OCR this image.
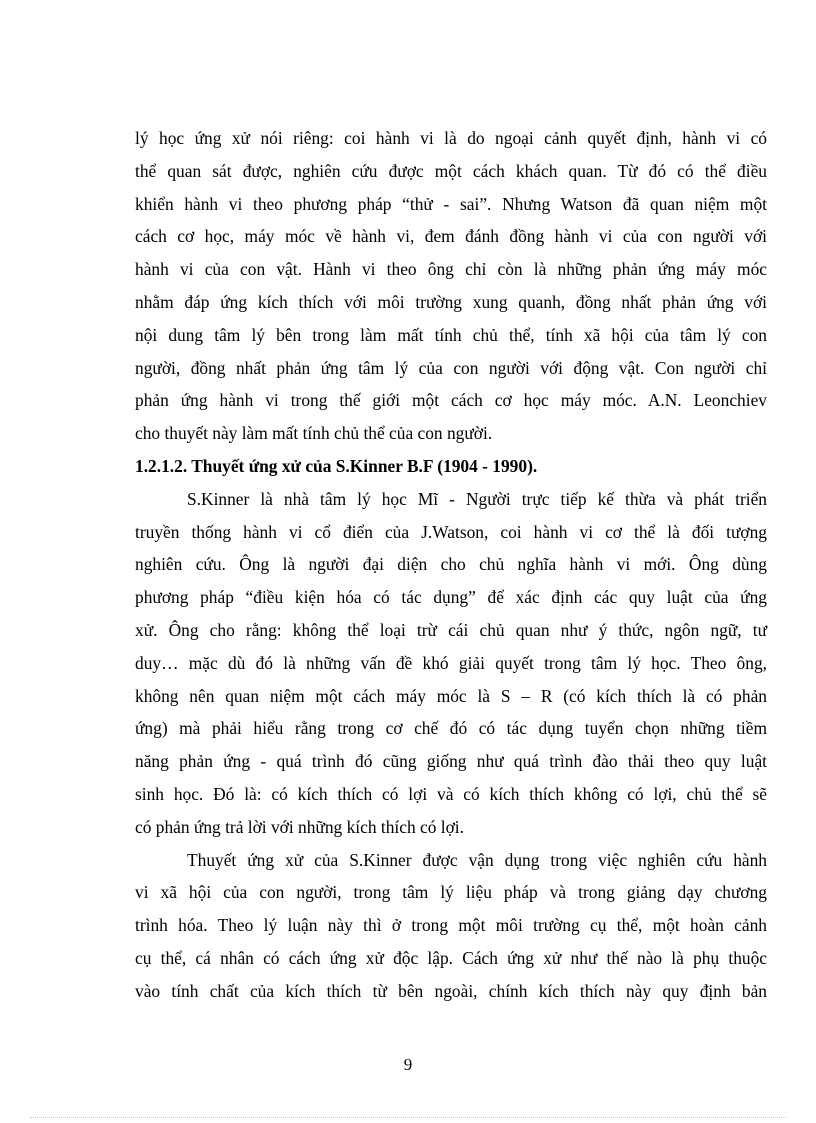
lý học ứng xử nói riêng: coi hành vi là do ngoại cảnh quyết định, hành vi có
thể quan sát được, nghiên cứu được một cách khách quan. Từ đó có thể điều
khiển hành vi theo phương pháp “thử - sai”. Nhưng Watson đã quan niệm một
cách cơ học, máy móc về hành vi, đem đánh đồng hành vi của con người với
hành vi của con vật. Hành vi theo ông chỉ còn là những phản ứng máy móc
nhằm đáp ứng kích thích với môi trường xung quanh, đồng nhất phản ứng với
nội dung tâm lý bên trong làm mất tính chủ thể, tính xã hội của tâm lý con
người, đồng nhất phản ứng tâm lý của con người với động vật. Con người chỉ
phản ứng hành vi trong thế giới một cách cơ học máy móc. A.N. Leonchiev
cho thuyết này làm mất tính chủ thể của con người.
1.2.1.2. Thuyết ứng xử của S.Kinner B.F (1904 - 1990).
S.Kinner là nhà tâm lý học Mĩ - Người trực tiếp kế thừa và phát triển
truyền thống hành vi cổ điển của J.Watson, coi hành vi cơ thể là đối tượng
nghiên cứu. Ông là người đại diện cho chủ nghĩa hành vi mới. Ông dùng
phương pháp “điều kiện hóa có tác dụng” để xác định các quy luật của ứng
xử. Ông cho rằng: không thể loại trừ cái chủ quan như ý thức, ngôn ngữ, tư
duy… mặc dù đó là những vấn đề khó giải quyết trong tâm lý học. Theo ông,
không nên quan niệm một cách máy móc là S – R (có kích thích là có phản
ứng) mà phải hiểu rằng trong cơ chế đó có tác dụng tuyển chọn những tiềm
năng phản ứng - quá trình đó cũng giống như quá trình đào thải theo quy luật
sinh học. Đó là: có kích thích có lợi và có kích thích không có lợi, chủ thể sẽ
có phản ứng trả lời với những kích thích có lợi.
Thuyết ứng xử của S.Kinner được vận dụng trong việc nghiên cứu hành
vi xã hội của con người, trong tâm lý liệu pháp và trong giảng dạy chương
trình hóa. Theo lý luận này thì ở trong một môi trường cụ thể, một hoàn cảnh
cụ thể, cá nhân có cách ứng xử độc lập. Cách ứng xử như thế nào là phụ thuộc
vào tính chất của kích thích từ bên ngoài, chính kích thích này quy định bản
9
